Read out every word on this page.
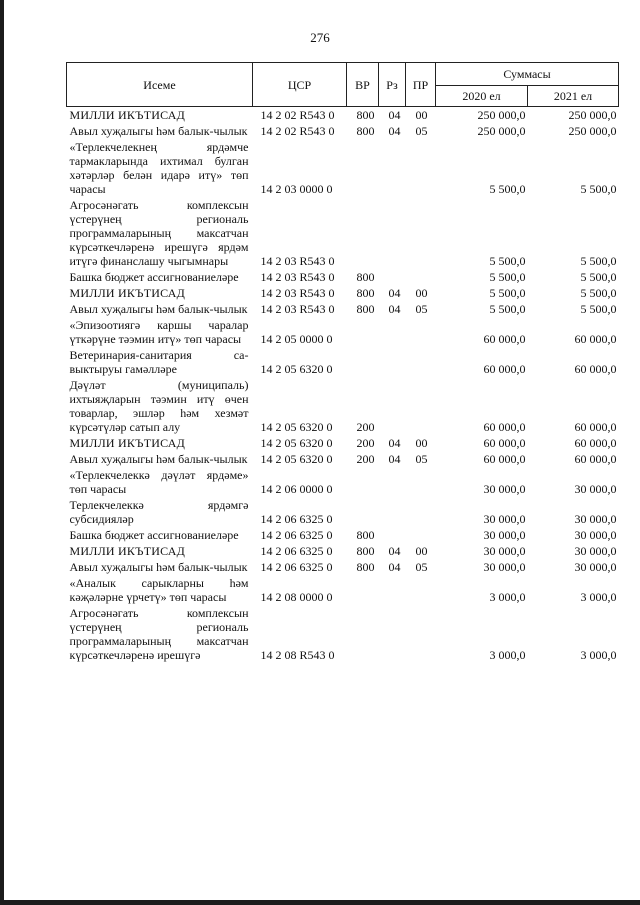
276
Исеме	ЦСР	ВР	Рз	ПР	Суммасы	
					2020 ел	2021 ел
МИЛЛИ ИКЪТИСАД	14 2 02 R543 0	800	04	00	250 000,0	250 000,0
Авыл хуҗалыгы һәм балык-чылык	14 2 02 R543 0	800	04	05	250 000,0	250 000,0
«Терлекчелекнең ярдәмче тармакларында ихтимал булган хәтәрләр белән идарә итү» төп чарасы	14 2 03 0000 0				5 500,0	5 500,0
Агросәнәгать комплексын үстерүнең региональ программаларының максатчан күрсәткечләренә ирешүгә ярдәм итүгә финанслашу чыгымнары	14 2 03 R543 0				5 500,0	5 500,0
Башка бюджет ассигнованиеләре	14 2 03 R543 0	800			5 500,0	5 500,0
МИЛЛИ ИКЪТИСАД	14 2 03 R543 0	800	04	00	5 500,0	5 500,0
Авыл хуҗалыгы һәм балык-чылык	14 2 03 R543 0	800	04	05	5 500,0	5 500,0
«Эпизоотиягә каршы чаралар үткәрүне тәэмин итү» төп чарасы	14 2 05 0000 0				60 000,0	60 000,0
Ветеринария-санитария са-выктыруы гамәлләре	14 2 05 6320 0				60 000,0	60 000,0
Дәүләт (муниципаль) ихтыяҗларын тәэмин итү өчен товарлар, эшләр һәм хезмәт күрсәтүләр сатып алу	14 2 05 6320 0	200			60 000,0	60 000,0
МИЛЛИ ИКЪТИСАД	14 2 05 6320 0	200	04	00	60 000,0	60 000,0
Авыл хуҗалыгы һәм балык-чылык	14 2 05 6320 0	200	04	05	60 000,0	60 000,0
«Терлекчелеккә дәүләт ярдәме» төп чарасы	14 2 06 0000 0				30 000,0	30 000,0
Терлекчелеккә ярдәмгә субсидияләр	14 2 06 6325 0				30 000,0	30 000,0
Башка бюджет ассигнованиеләре	14 2 06 6325 0	800			30 000,0	30 000,0
МИЛЛИ ИКЪТИСАД	14 2 06 6325 0	800	04	00	30 000,0	30 000,0
Авыл хуҗалыгы һәм балык-чылык	14 2 06 6325 0	800	04	05	30 000,0	30 000,0
«Аналык сарыкларны һәм кәҗәләрне үрчетү» төп чарасы	14 2 08 0000 0				3 000,0	3 000,0
Агросәнәгать комплексын үстерүнең региональ программаларының максатчан күрсәткечләренә ирешүгә	14 2 08 R543 0				3 000,0	3 000,0
